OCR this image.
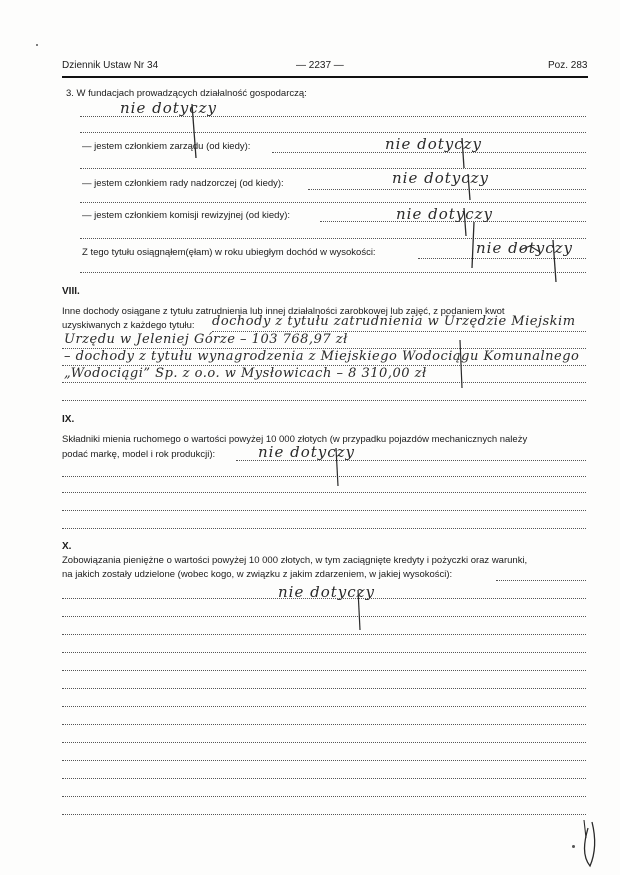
Dziennik Ustaw Nr 34	— 2237 —	Poz. 283
3. W fundacjach prowadzących działalność gospodarczą:
nie dotyczy
— jestem członkiem zarządu (od kiedy):	nie dotyczy
— jestem członkiem rady nadzorczej (od kiedy):	nie dotyczy
— jestem członkiem komisji rewizyjnej (od kiedy):	nie dotyczy
Z tego tytułu osiągnąłem(ęłam) w roku ubiegłym dochód w wysokości:	nie dotyczy
VIII.
Inne dochody osiągane z tytułu zatrudnienia lub innej działalności zarobkowej lub zajęć, z podaniem kwot
uzyskiwanych z każdego tytułu: dochody z tytułu zatrudnienia w Urzędzie Miejskim
Urzędu w Jeleniej Górze – 103 768,97 zł
– dochody z tytułu wynagrodzenia z Miejskiego Wodociągu Komunalnego
„Wodociągi” Sp. z o.o. w Mysłowicach – 8 310,00 zł
IX.
Składniki mienia ruchomego o wartości powyżej 10 000 złotych (w przypadku pojazdów mechanicznych należy
podać markę, model i rok produkcji):	nie dotyczy
X.
Zobowiązania pieniężne o wartości powyżej 10 000 złotych, w tym zaciągnięte kredyty i pożyczki oraz warunki,
na jakich zostały udzielone (wobec kogo, w związku z jakim zdarzeniem, w jakiej wysokości):
nie dotyczy
